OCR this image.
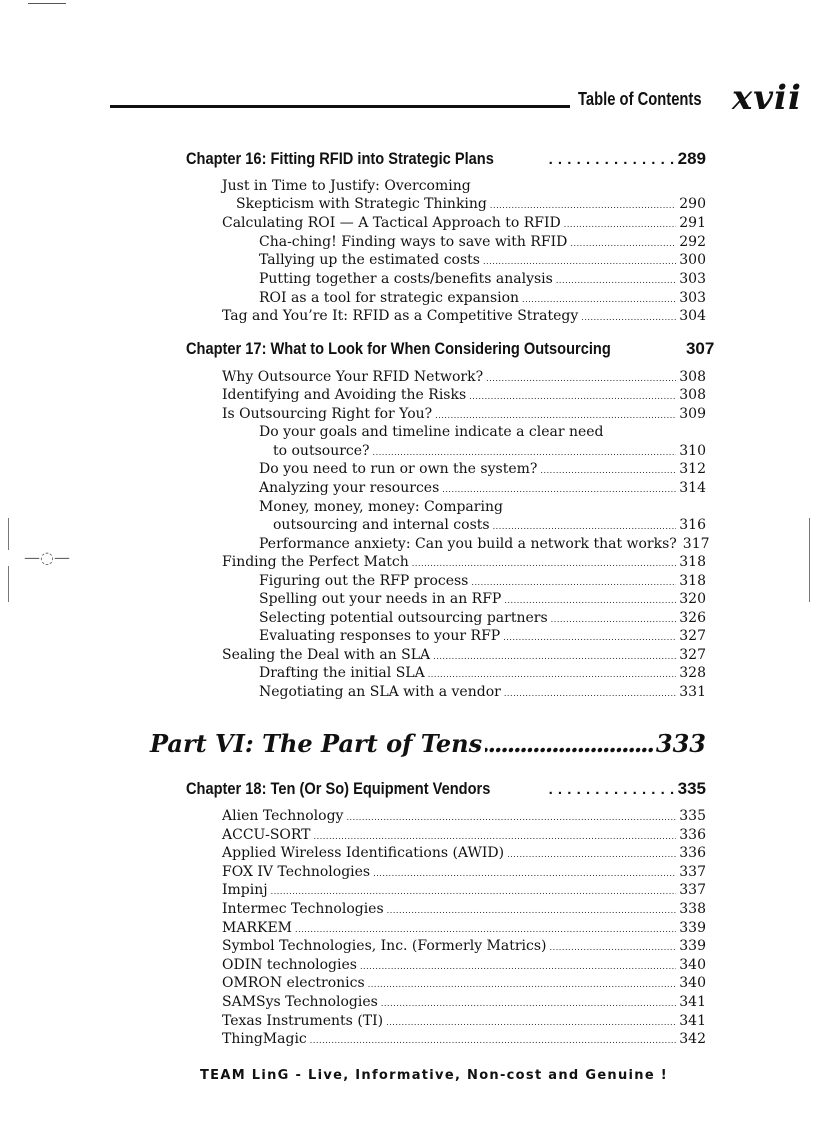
—◌—
Table of Contents xvii
Chapter 16: Fitting RFID into Strategic Plans . . .	289
Just in Time to Justify: Overcoming
Skepticism with Strategic Thinking . . .	290
Calculating ROI — A Tactical Approach to RFID . . .	291
Cha-ching! Finding ways to save with RFID . . .	292
Tallying up the estimated costs . . .	300
Putting together a costs/benefits analysis . . .	303
ROI as a tool for strategic expansion . . .	303
Tag and You’re It: RFID as a Competitive Strategy . . .	304
Chapter 17: What to Look for When Considering Outsourcing	307
Why Outsource Your RFID Network? . . .	308
Identifying and Avoiding the Risks . . .	308
Is Outsourcing Right for You? . . .	309
Do your goals and timeline indicate a clear need
to outsource? . . .	310
Do you need to run or own the system? . . .	312
Analyzing your resources . . .	314
Money, money, money: Comparing
outsourcing and internal costs . . .	316
Performance anxiety: Can you build a network that works? 317
Finding the Perfect Match . . .	318
Figuring out the RFP process . . .	318
Spelling out your needs in an RFP . . .	320
Selecting potential outsourcing partners . . .	326
Evaluating responses to your RFP . . .	327
Sealing the Deal with an SLA . . .	327
Drafting the initial SLA . . .	328
Negotiating an SLA with a vendor . . .	331
Part VI: The Part of Tens .....	333
Chapter 18: Ten (Or So) Equipment Vendors . . .	335
Alien Technology . . .	335
ACCU-SORT . . .	336
Applied Wireless Identifications (AWID) . . .	336
FOX IV Technologies . . .	337
Impinj . . .	337
Intermec Technologies . . .	338
MARKEM . . .	339
Symbol Technologies, Inc. (Formerly Matrics) . . .	339
ODIN technologies . . .	340
OMRON electronics . . .	340
SAMSys Technologies . . .	341
Texas Instruments (TI) . . .	341
ThingMagic . . .	342
TEAM LinG - Live, Informative, Non-cost and Genuine !
